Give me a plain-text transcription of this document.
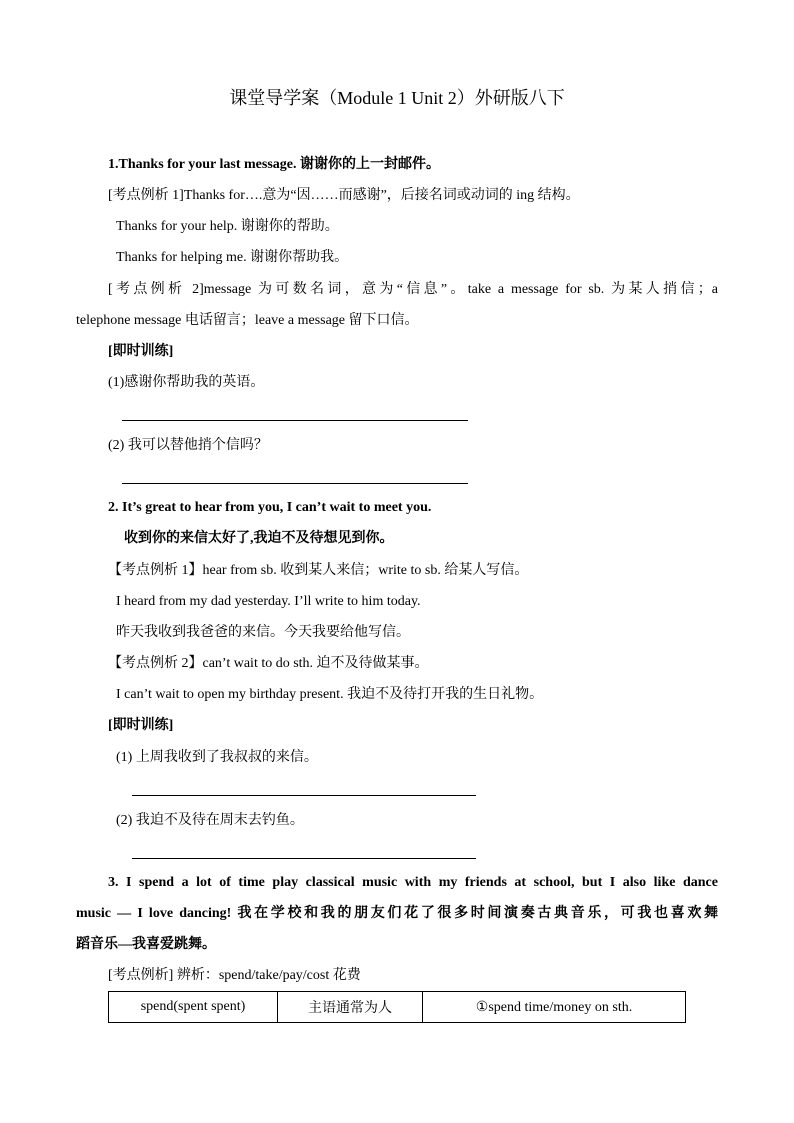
课堂导学案（Module 1 Unit 2）外研版八下
1.Thanks for your last message. 谢谢你的上一封邮件。
[考点例析 1]Thanks for….意为“因……而感谢”，后接名词或动词的 ing 结构。
Thanks for your help. 谢谢你的帮助。
Thanks for helping me. 谢谢你帮助我。
[考点例析 2]message 为可数名词，意为“信息”。take a message for sb. 为某人捎信；a
telephone message 电话留言；leave a message 留下口信。
[即时训练]
(1)感谢你帮助我的英语。
(2) 我可以替他捎个信吗？
2. It’s great to hear from you, I can’t wait to meet you.
收到你的来信太好了,我迫不及待想见到你。
【考点例析 1】hear from sb. 收到某人来信；write to sb. 给某人写信。
I heard from my dad yesterday. I’ll write to him today.
昨天我收到我爸爸的来信。今天我要给他写信。
【考点例析 2】can’t wait to do sth. 迫不及待做某事。
I can’t wait to open my birthday present. 我迫不及待打开我的生日礼物。
[即时训练]
(1) 上周我收到了我叔叔的来信。
(2) 我迫不及待在周末去钓鱼。
3. I spend a lot of time play classical music with my friends at school, but I also like dance
music — I love dancing! 我在学校和我的朋友们花了很多时间演奏古典音乐，可我也喜欢舞
蹈音乐—我喜爱跳舞。
[考点例析] 辨析：spend/take/pay/cost 花费
spend(spent spent)	主语通常为人	①spend time/money on sth.
